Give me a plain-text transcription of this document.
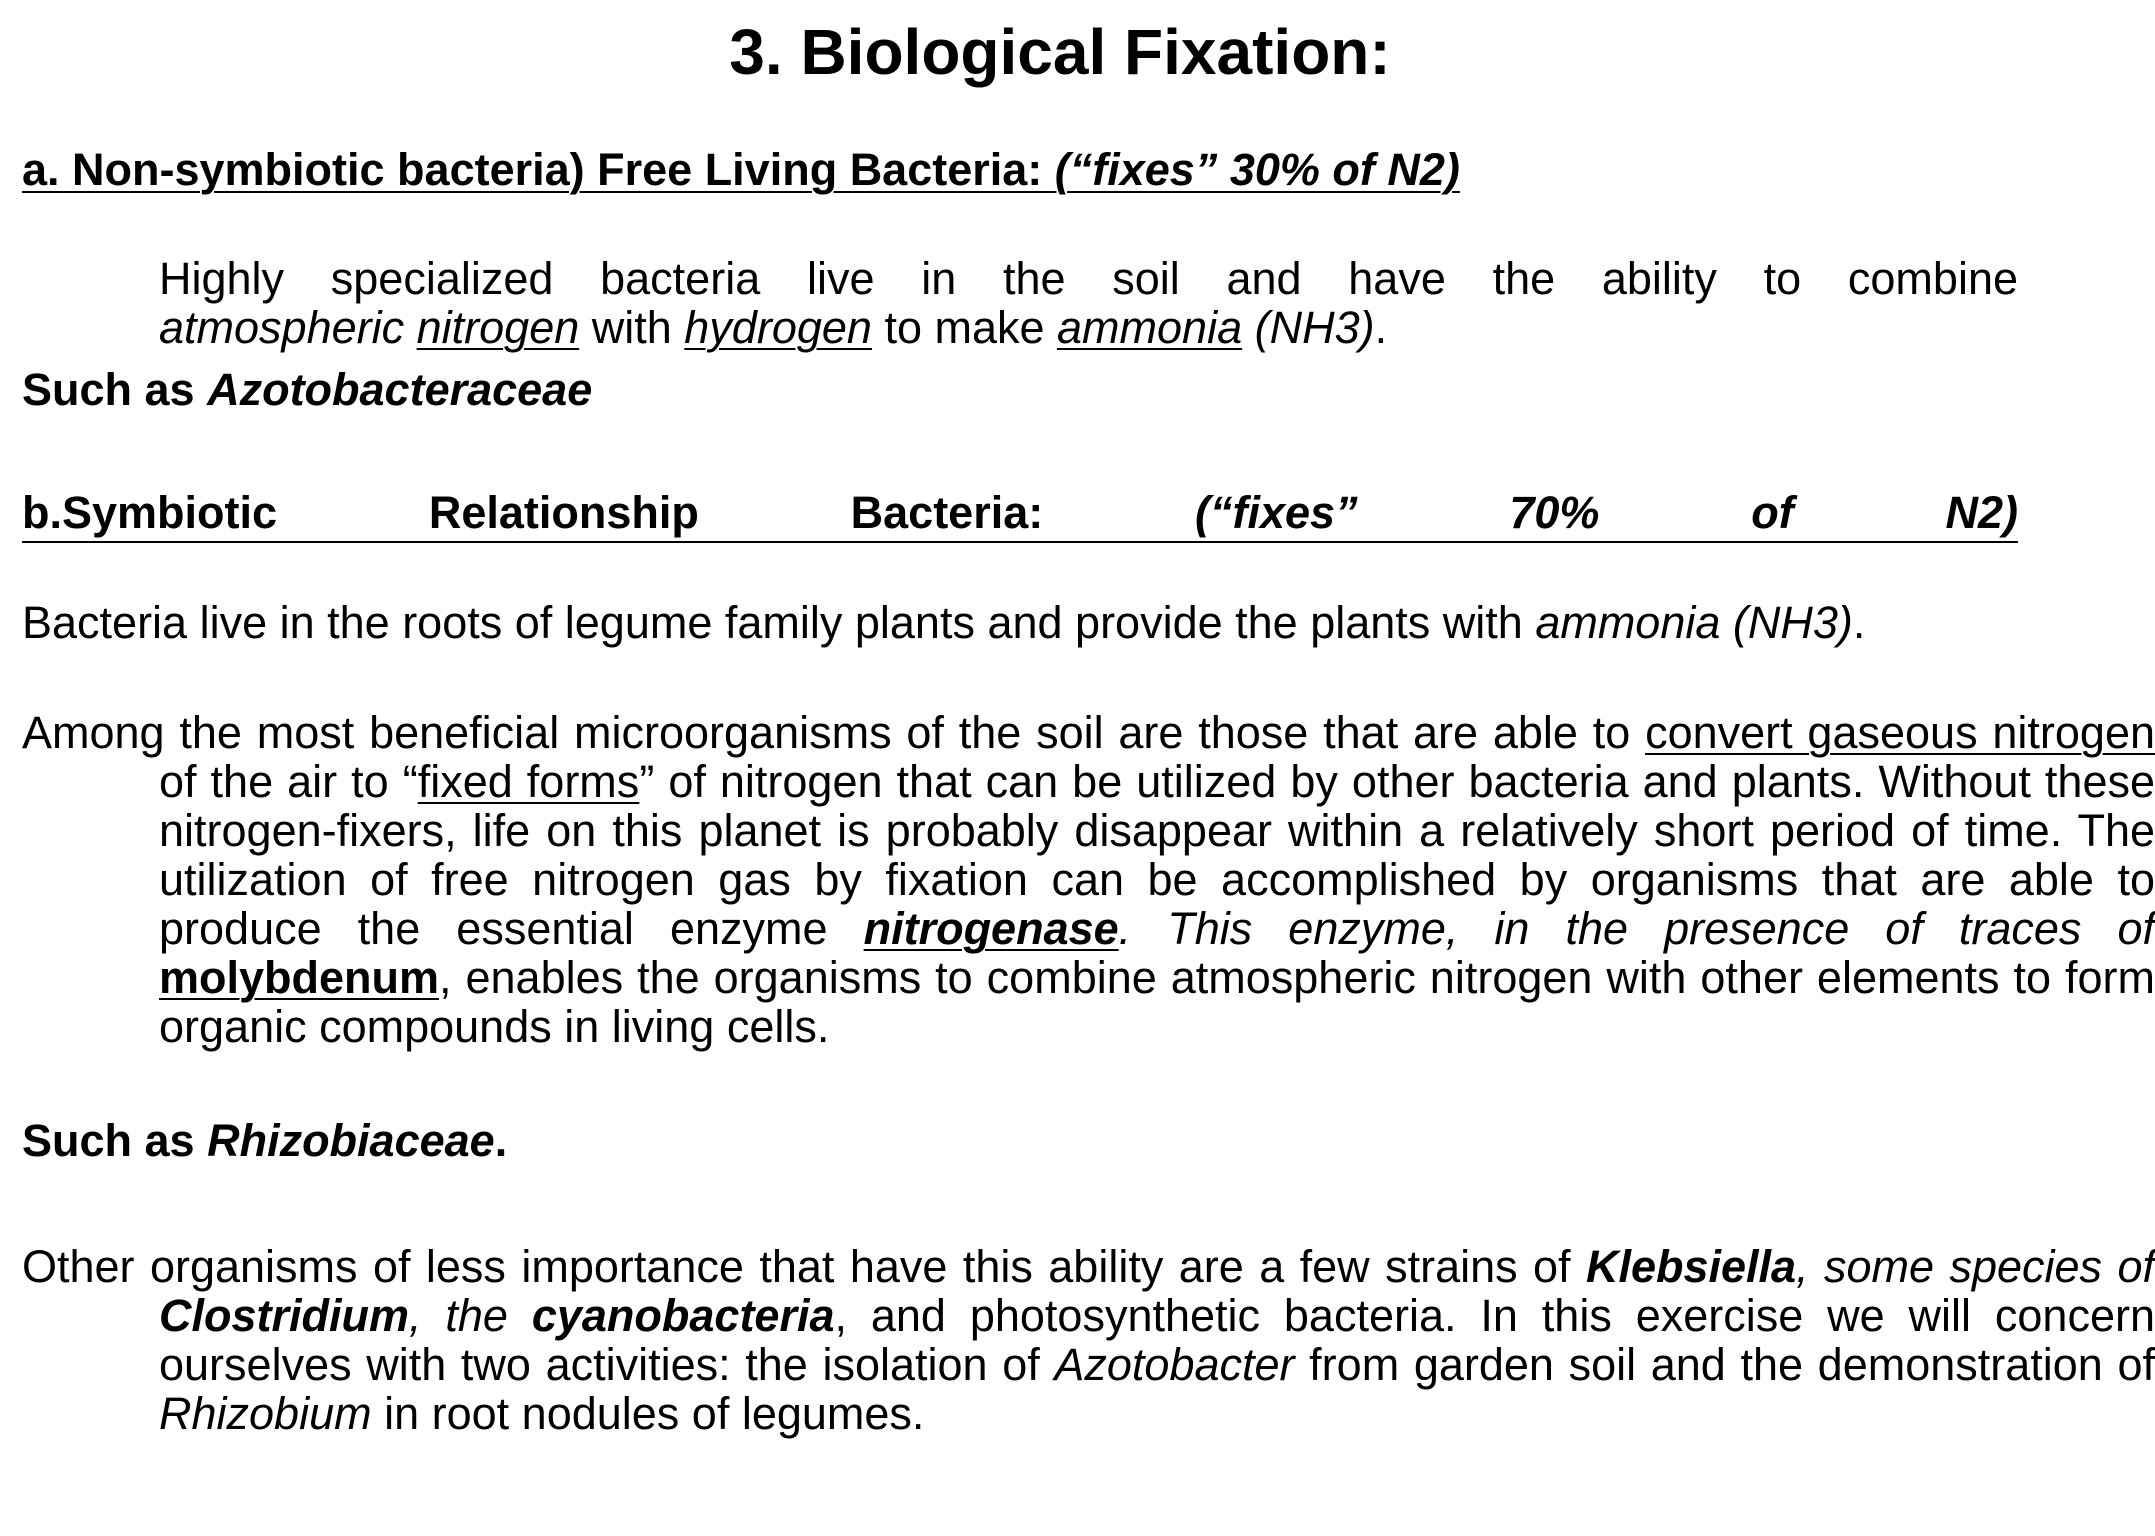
3. Biological Fixation:
a. Non-symbiotic bacteria) Free Living Bacteria: (“fixes” 30% of N2)
Highly specialized bacteria live in the soil and have the ability to combine
atmospheric nitrogen with hydrogen to make ammonia (NH3).
Such as Azotobacteraceae
b.Symbiotic	Relationship	Bacteria:	(“fixes”	70%	of	N2)
Bacteria live in the roots of legume family plants and provide the plants with ammonia (NH3).
Among the most beneficial microorganisms of the soil are those that are able to convert gaseous nitrogen of the air to “fixed forms” of nitrogen that can be utilized by other bacteria and plants. Without these nitrogen-fixers, life on this planet is probably disappear within a relatively short period of time. The utilization of free nitrogen gas by fixation can be accomplished by organisms that are able to produce the essential enzyme nitrogenase. This enzyme, in the presence of traces of molybdenum, enables the organisms to combine atmospheric nitrogen with other elements to form organic compounds in living cells.
Such as Rhizobiaceae.
Other organisms of less importance that have this ability are a few strains of Klebsiella, some species of Clostridium, the cyanobacteria, and photosynthetic bacteria. In this exercise we will concern ourselves with two activities: the isolation of Azotobacter from garden soil and the demonstration of Rhizobium in root nodules of legumes.
